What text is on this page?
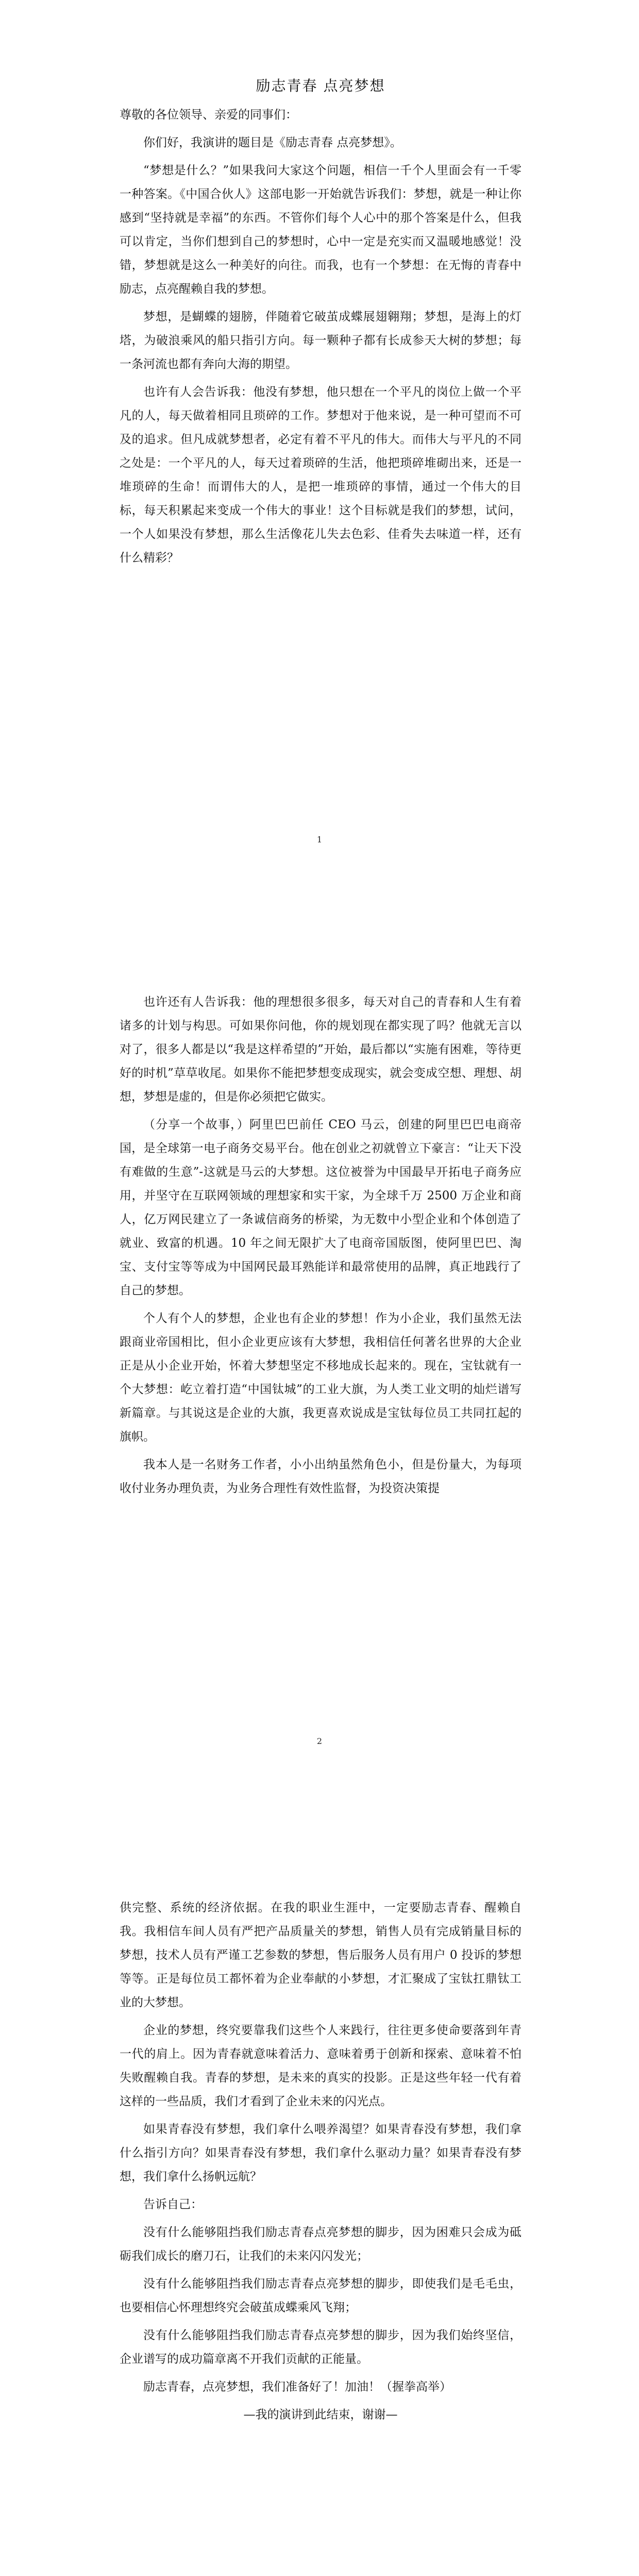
励志青春 点亮梦想

尊敬的各位领导、亲爱的同事们：

你们好，我演讲的题目是《励志青春 点亮梦想》。

“梦想是什么？”如果我问大家这个问题，相信一千个人里面会有一千零一种答案。《中国合伙人》这部电影一开始就告诉我们：梦想，就是一种让你感到“坚持就是幸福”的东西。不管你们每个人心中的那个答案是什么，但我可以肯定，当你们想到自己的梦想时，心中一定是充实而又温暖地感觉！没错，梦想就是这么一种美好的向往。而我，也有一个梦想：在无悔的青春中励志，点亮醒赖自我的梦想。

梦想，是蝴蝶的翅膀，伴随着它破茧成蝶展翅翱翔；梦想，是海上的灯塔，为破浪乘风的船只指引方向。每一颗种子都有长成参天大树的梦想；每一条河流也都有奔向大海的期望。

也许有人会告诉我：他没有梦想，他只想在一个平凡的岗位上做一个平凡的人，每天做着相同且琐碎的工作。梦想对于他来说，是一种可望而不可及的追求。但凡成就梦想者，必定有着不平凡的伟大。而伟大与平凡的不同之处是：一个平凡的人，每天过着琐碎的生活，他把琐碎堆砌出来，还是一堆琐碎的生命！而谓伟大的人，是把一堆琐碎的事情，通过一个伟大的目标，每天积累起来变成一个伟大的事业！这个目标就是我们的梦想，试问，一个人如果没有梦想，那么生活像花儿失去色彩、佳肴失去味道一样，还有什么精彩？

1

也许还有人告诉我：他的理想很多很多，每天对自己的青春和人生有着诸多的计划与构思。可如果你问他，你的规划现在都实现了吗？他就无言以对了，很多人都是以“我是这样希望的”开始，最后都以“实施有困难，等待更好的时机”草草收尾。如果你不能把梦想变成现实，就会变成空想、理想、胡想，梦想是虚的，但是你必须把它做实。

（分享一个故事，）阿里巴巴前任 CEO 马云，创建的阿里巴巴电商帝国，是全球第一电子商务交易平台。他在创业之初就曾立下豪言：“让天下没有难做的生意”-这就是马云的大梦想。这位被誉为中国最早开拓电子商务应用，并坚守在互联网领域的理想家和实干家，为全球千万 2500 万企业和商人，亿万网民建立了一条诚信商务的桥梁，为无数中小型企业和个体创造了就业、致富的机遇。10 年之间无限扩大了电商帝国版图，使阿里巴巴、淘宝、支付宝等等成为中国网民最耳熟能详和最常使用的品牌，真正地践行了自己的梦想。

个人有个人的梦想，企业也有企业的梦想！作为小企业，我们虽然无法跟商业帝国相比，但小企业更应该有大梦想，我相信任何著名世界的大企业正是从小企业开始，怀着大梦想坚定不移地成长起来的。现在，宝钛就有一个大梦想：屹立着打造“中国钛城”的工业大旗，为人类工业文明的灿烂谱写新篇章。与其说这是企业的大旗，我更喜欢说成是宝钛每位员工共同扛起的旗帜。

我本人是一名财务工作者，小小出纳虽然角色小，但是份量大，为每项收付业务办理负责，为业务合理性有效性监督，为投资决策提

2

供完整、系统的经济依据。在我的职业生涯中，一定要励志青春、醒赖自我。我相信车间人员有严把产品质量关的梦想，销售人员有完成销量目标的梦想，技术人员有严谨工艺参数的梦想，售后服务人员有用户 0 投诉的梦想等等。正是每位员工都怀着为企业奉献的小梦想，才汇聚成了宝钛扛鼎钛工业的大梦想。

企业的梦想，终究要靠我们这些个人来践行，往往更多使命要落到年青一代的肩上。因为青春就意味着活力、意味着勇于创新和探索、意味着不怕失败醒赖自我。青春的梦想，是未来的真实的投影。正是这些年轻一代有着这样的一些品质，我们才看到了企业未来的闪光点。

如果青春没有梦想，我们拿什么喂养渴望？如果青春没有梦想，我们拿什么指引方向？如果青春没有梦想，我们拿什么驱动力量？如果青春没有梦想，我们拿什么扬帆远航？

告诉自己：

没有什么能够阻挡我们励志青春点亮梦想的脚步，因为困难只会成为砥砺我们成长的磨刀石，让我们的未来闪闪发光；

没有什么能够阻挡我们励志青春点亮梦想的脚步，即使我们是毛毛虫，也要相信心怀理想终究会破茧成蝶乘风飞翔；

没有什么能够阻挡我们励志青春点亮梦想的脚步，因为我们始终坚信，企业谱写的成功篇章离不开我们贡献的正能量。

励志青春，点亮梦想，我们准备好了！加油！（握拳高举）

—我的演讲到此结束，谢谢—
